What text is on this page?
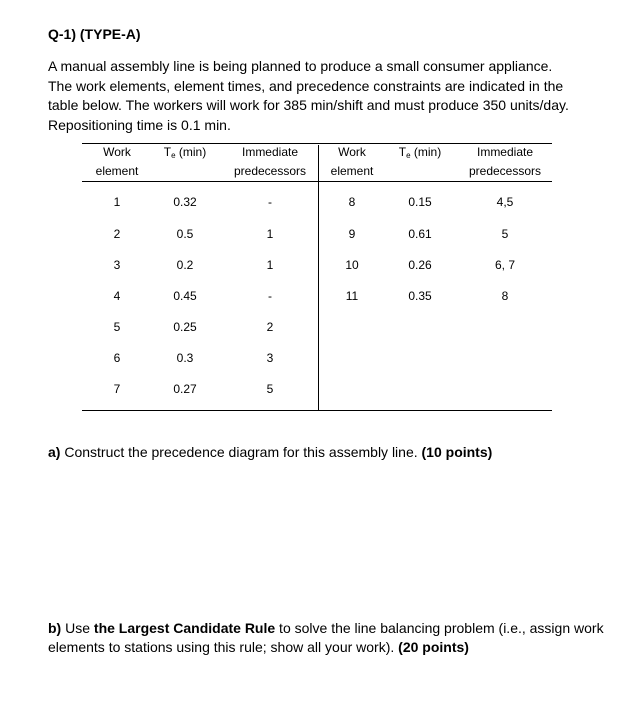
Q-1) (TYPE-A)
A manual assembly line is being planned to produce a small consumer appliance.
The work elements, element times, and precedence constraints are indicated in the
table below. The workers will work for 385 min/shift and must produce 350 units/day.
Repositioning time is 0.1 min.
Work
element
Te (min)	Immediate
predecessors
Work
element
Te (min)	Immediate
predecessors
1	0.32	-
2	0.5	1
3	0.2	1
4	0.45	-
5	0.25	2
6	0.3	3
7	0.27	5
8	0.15	4,5
9	0.61	5
10	0.26	6, 7
11	0.35	8

a) Construct the precedence diagram for this assembly line. (10 points)

b) Use the Largest Candidate Rule to solve the line balancing problem (i.e., assign work elements to stations using this rule; show all your work). (20 points)
